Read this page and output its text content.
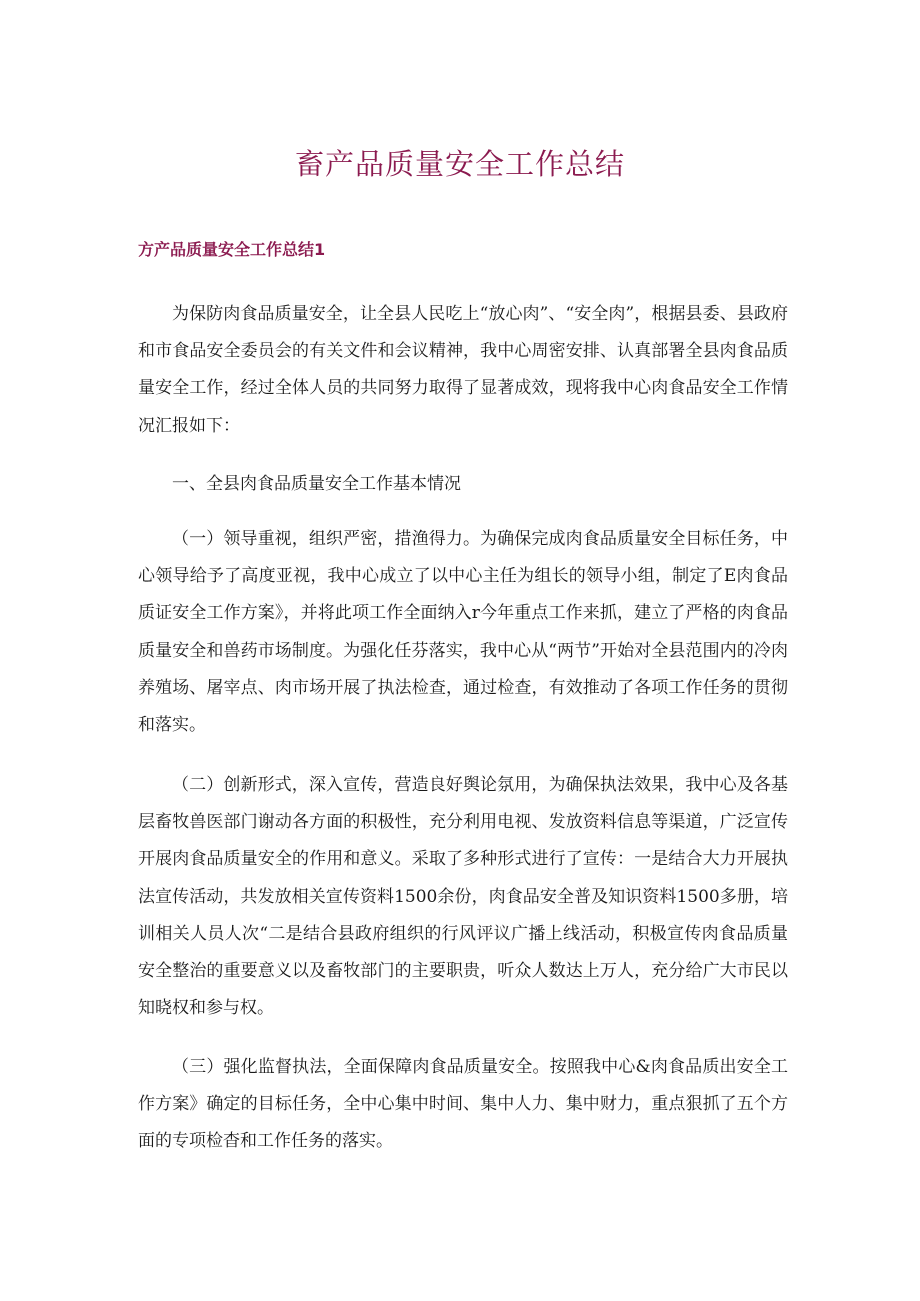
畜产品质量安全工作总结
方产品质量安全工作总结1

为保防肉食品质量安全，让全县人民吃上“放心肉”、“安全肉”，根据县委、县政府和市食品安全委员会的有关文件和会议精神，我中心周密安排、认真部署全县肉食品质量安全工作，经过全体人员的共同努力取得了显著成效，现将我中心肉食品安全工作情况汇报如下：

一、全县肉食品质量安全工作基本情况

（一）领导重视，组织严密，措渔得力。为确保完成肉食品质量安全目标任务，中心领导给予了高度亚视，我中心成立了以中心主任为组长的领导小组，制定了E肉食品质证安全工作方案》，并将此项工作全面纳入r今年重点工作来抓，建立了严格的肉食品质量安全和兽药市场制度。为强化任芬落实，我中心从“两节”开始对全县范围内的冷肉养殖场、屠宰点、肉市场开展了执法检查，通过检查，有效推动了各项工作任务的贯彻和落实。

（二）创新形式，深入宣传，营造良好舆论氛用，为确保执法效果，我中心及各基层畜牧兽医部门谢动各方面的积极性，充分利用电视、发放资料信息等渠道，广泛宣传开展肉食品质量安全的作用和意义。采取了多种形式进行了宣传：一是结合大力开展执法宣传活动，共发放相关宣传资料1500余份，肉食品安全普及知识资料1500多册，培训相关人员人次“二是结合县政府组织的行风评议广播上线活动，积极宣传肉食品质量安全整治的重要意义以及畜牧部门的主要职贵，听众人数达上万人，充分给广大市民以知晓权和参与权。

（三）强化监督执法，全面保障肉食品质量安全。按照我中心&肉食品质出安全工作方案》确定的目标任务，全中心集中时间、集中人力、集中财力，重点狠抓了五个方面的专项检杳和工作任务的落实。
